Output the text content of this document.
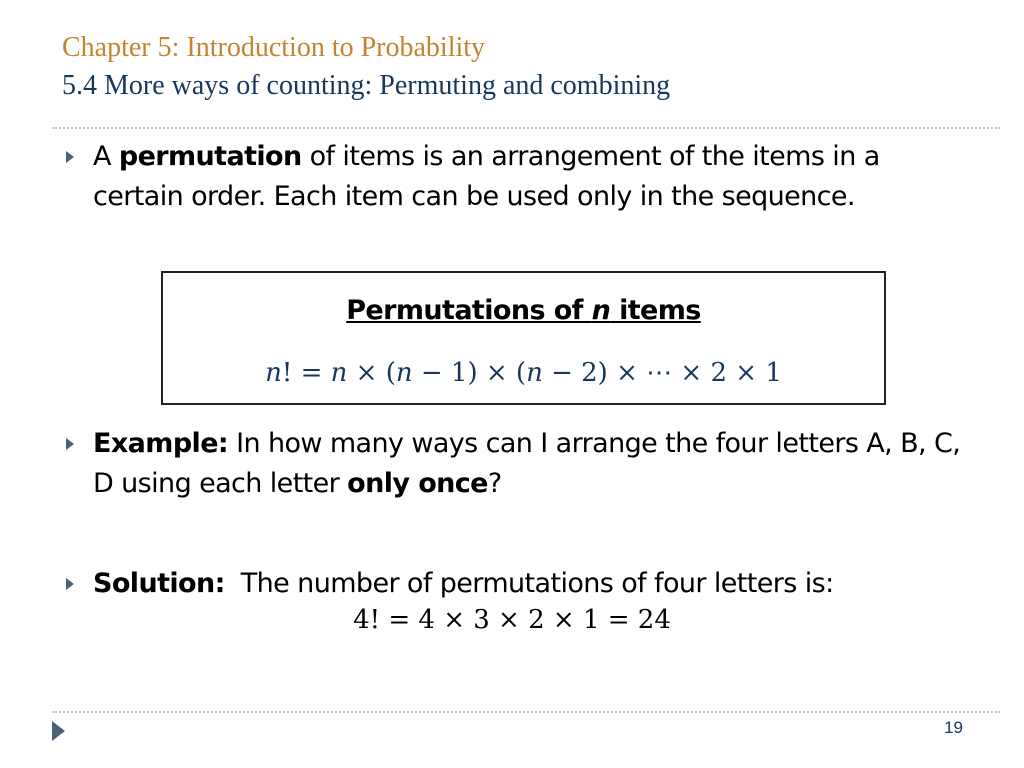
Chapter 5: Introduction to Probability
5.4 More ways of counting: Permuting and combining
A permutation of items is an arrangement of the items in a certain order. Each item can be used only in the sequence.
Permutations of n items
n! = n × (n − 1) × (n − 2) × ⋯ × 2 × 1
Example: In how many ways can I arrange the four letters A, B, C, D using each letter only once?
Solution:  The number of permutations of four letters is:
4! = 4 × 3 × 2 × 1 = 24
19
